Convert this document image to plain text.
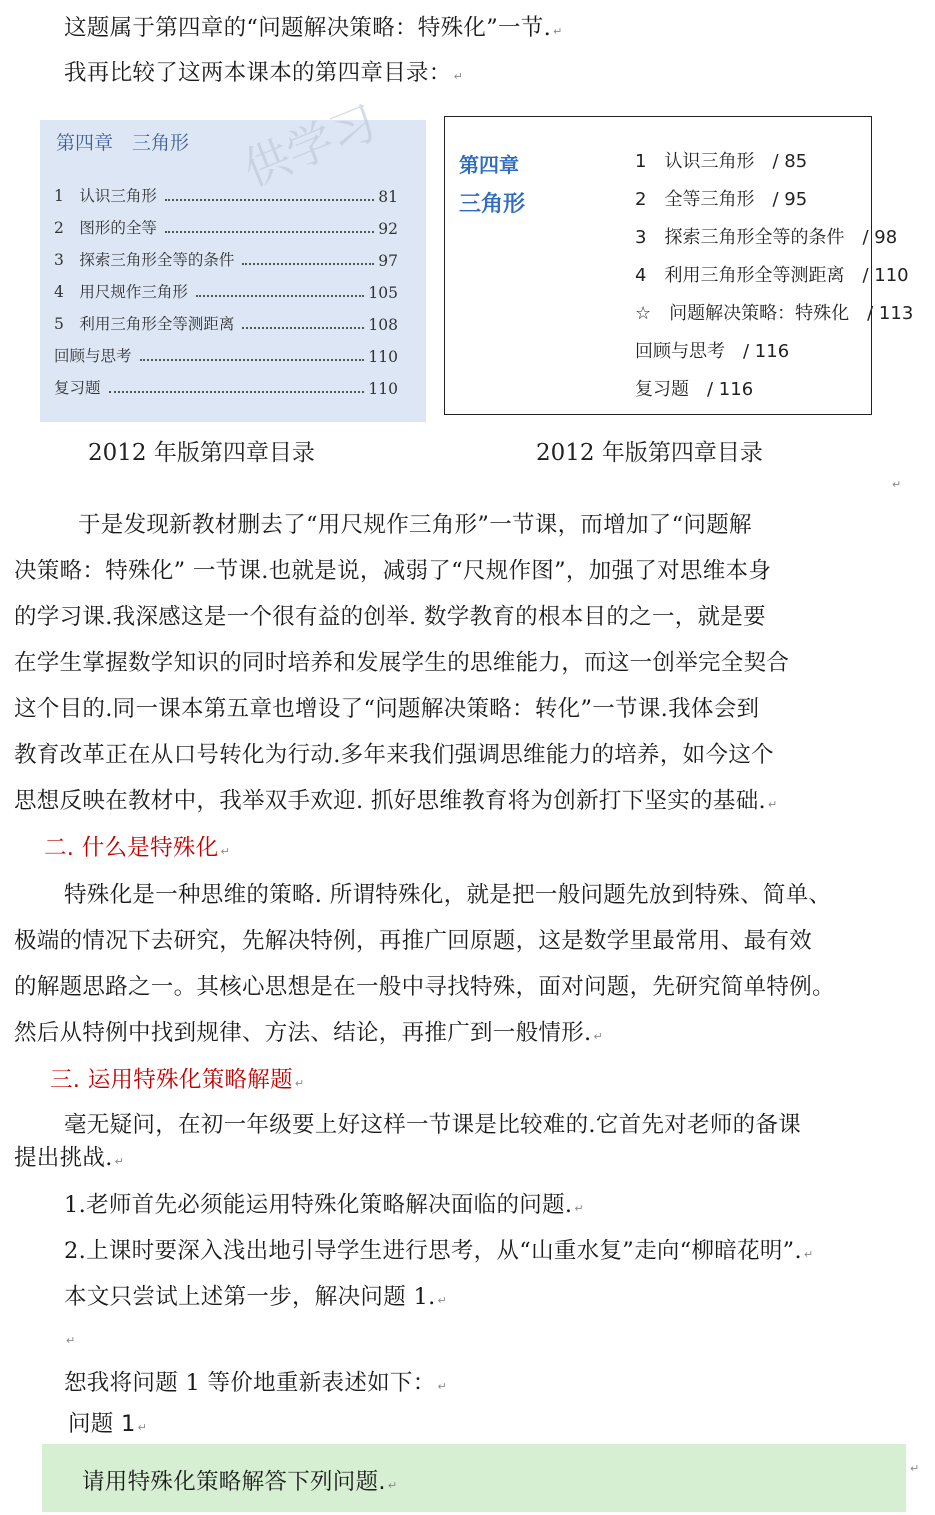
这题属于第四章的“问题解决策略：特殊化”一节. ↵
我再比较了这两本课本的第四章目录： ↵
供学习
第四章　三角形
1　认识三角形	81
2　图形的全等	92
3　探索三角形全等的条件	97
4　用尺规作三角形	105
5　利用三角形全等测距离	108
回顾与思考	110
复习题	110
第四章
三角形
1　认识三角形　/ 85
2　全等三角形　/ 95
3　探索三角形全等的条件　/ 98
4　利用三角形全等测距离　/ 110
☆　问题解决策略：特殊化　/ 113
回顾与思考　/ 116
复习题　/ 116
2012 年版第四章目录	2012 年版第四章目录
↵
于是发现新教材删去了“用尺规作三角形”一节课，而增加了“问题解
决策略：特殊化” 一节课.也就是说，减弱了“尺规作图”，加强了对思维本身
的学习课.我深感这是一个很有益的创举. 数学教育的根本目的之一，就是要
在学生掌握数学知识的同时培养和发展学生的思维能力，而这一创举完全契合
这个目的.同一课本第五章也增设了“问题解决策略：转化”一节课.我体会到
教育改革正在从口号转化为行动.多年来我们强调思维能力的培养，如今这个
思想反映在教材中，我举双手欢迎. 抓好思维教育将为创新打下坚实的基础. ↵
二. 什么是特殊化 ↵
特殊化是一种思维的策略. 所谓特殊化，就是把一般问题先放到特殊、简单、
极端的情况下去研究，先解决特例，再推广回原题，这是数学里最常用、最有效
的解题思路之一。其核心思想是在一般中寻找特殊，面对问题，先研究简单特例。
然后从特例中找到规律、方法、结论，再推广到一般情形. ↵
三. 运用特殊化策略解题 ↵
毫无疑问，在初一年级要上好这样一节课是比较难的.它首先对老师的备课
提出挑战. ↵
1.老师首先必须能运用特殊化策略解决面临的问题. ↵
2.上课时要深入浅出地引导学生进行思考，从“山重水复”走向“柳暗花明”. ↵
本文只尝试上述第一步，解决问题 1. ↵
↵
恕我将问题 1 等价地重新表述如下： ↵
问题 1 ↵
请用特殊化策略解答下列问题. ↵
↵
